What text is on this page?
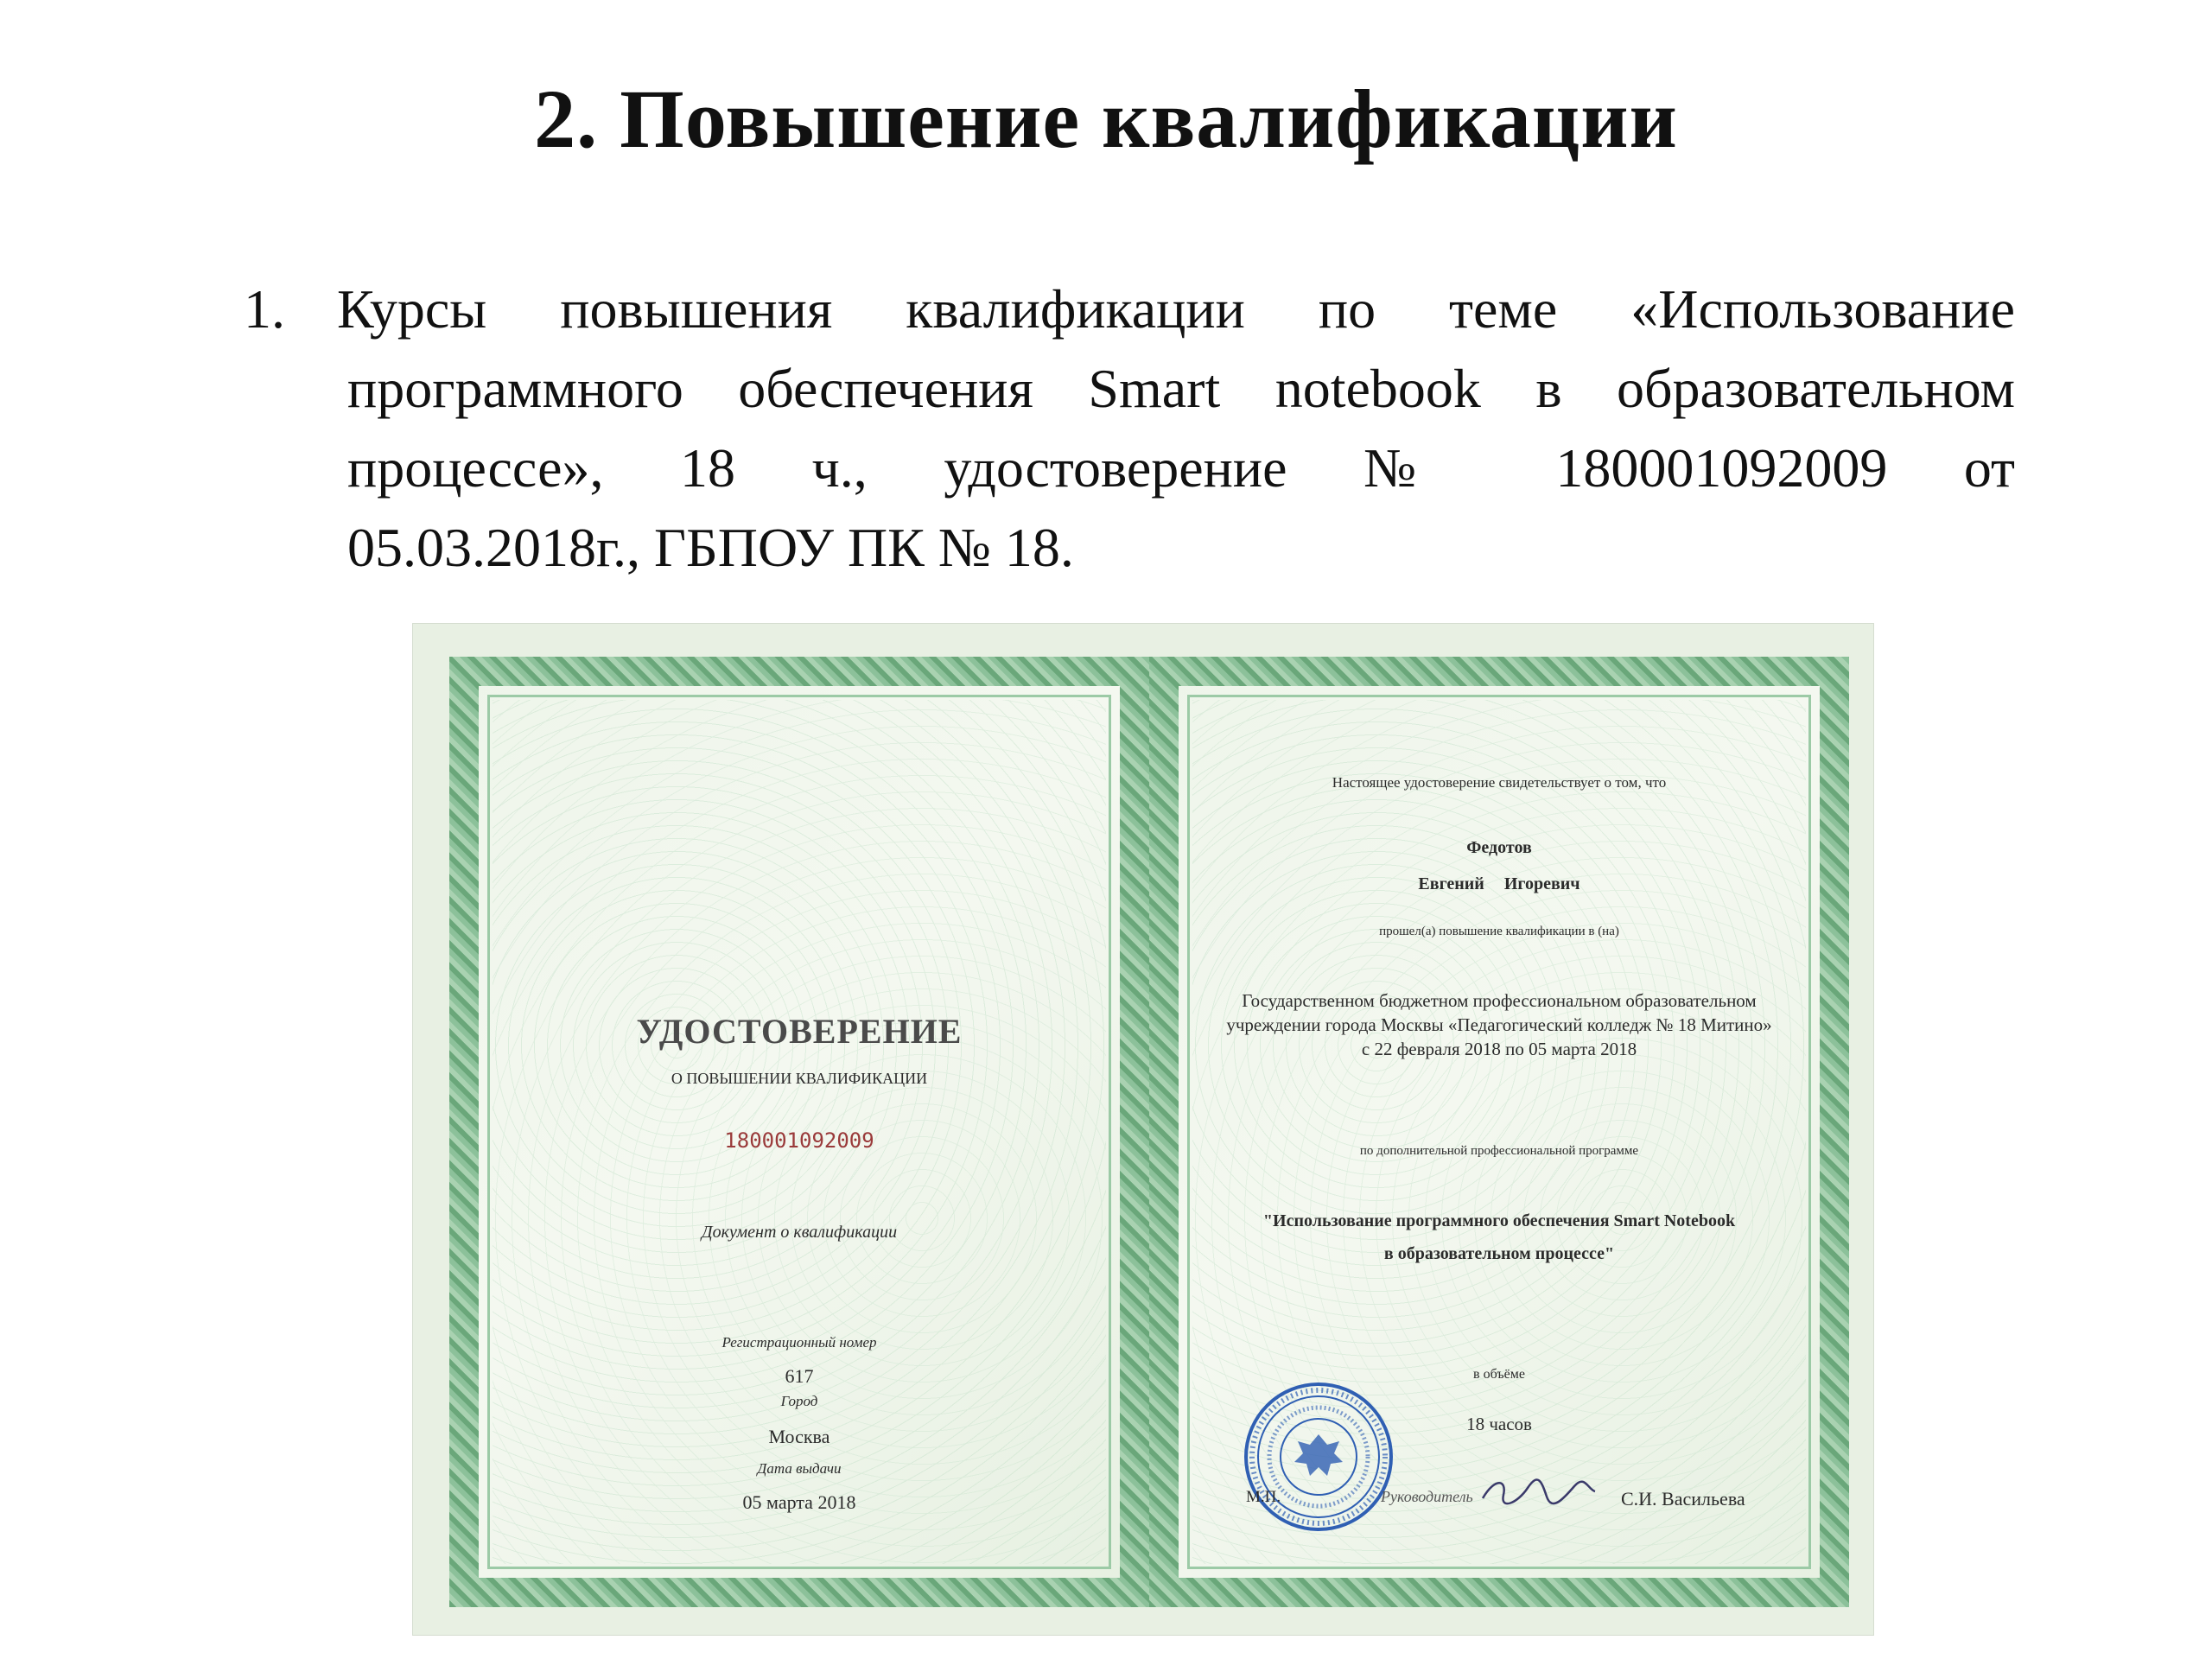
2. Повышение квалификации
1. Курсы повышения квалификации по теме «Использование
программного обеспечения Smart notebook в образовательном
процессе», 18 ч., удостоверение № 180001092009 от
05.03.2018г., ГБПОУ ПК № 18.
УДОСТОВЕРЕНИЕ
О ПОВЫШЕНИИ КВАЛИФИКАЦИИ
180001092009
Документ о квалификации
Регистрационный номер
617
Город
Москва
Дата выдачи
05 марта 2018
Настоящее удостоверение свидетельствует о том, что
Федотов
Евгений Игоревич
прошел(а) повышение квалификации в (на)
Государственном бюджетном профессиональном образовательном
учреждении города Москвы «Педагогический колледж № 18 Митино»
с 22 февраля 2018 по 05 марта 2018
по дополнительной профессиональной программе
"Использование программного обеспечения Smart Notebook
в образовательном процессе"
в объёме
18 часов
М.П.	Руководитель	С.И. Васильева
